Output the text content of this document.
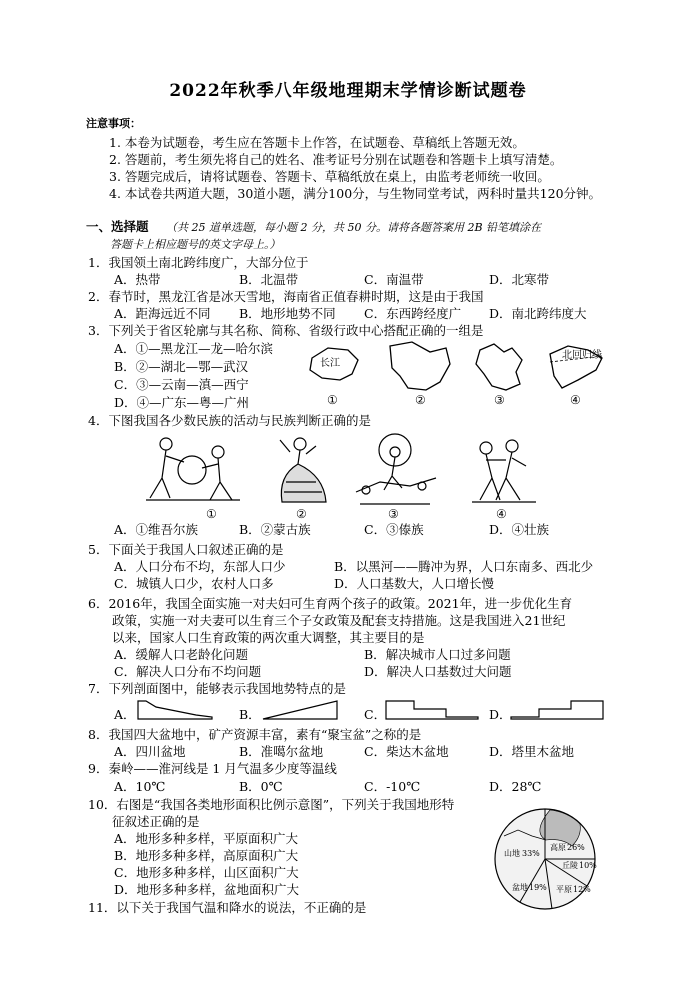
2022年秋季八年级地理期末学情诊断试题卷
注意事项：
1. 本卷为试题卷，考生应在答题卡上作答，在试题卷、草稿纸上答题无效。
2. 答题前，考生须先将自己的姓名、准考证号分别在试题卷和答题卡上填写清楚。
3. 答题完成后，请将试题卷、答题卡、草稿纸放在桌上，由监考老师统一收回。
4. 本试卷共两道大题，30道小题，满分100分，与生物同堂考试，两科时量共120分钟。
一、选择题 （共 25 道单选题，每小题 2 分，共 50 分。请将各题答案用 2B 铅笔填涂在
答题卡上相应题号的英文字母上。）
1．我国领土南北跨纬度广，大部分位于
A．热带	B．北温带	C．南温带	D．北寒带
2．春节时，黑龙江省是冰天雪地，海南省正值春耕时期，这是由于我国
A．距海远近不同 B．地形地势不同 C．东西跨经度广 D．南北跨纬度大
3．下列关于省区轮廓与其名称、简称、省级行政中心搭配正确的一组是
A．①—黑龙江—龙—哈尔滨
B．②—湖北—鄂—武汉
C．③—云南—滇—西宁
D．④—广东—粤—广州
长江
北回归线
①	②	③	④
4．下图我国各少数民族的活动与民族判断正确的是
①	②	③	④
A．①维吾尔族	B．②蒙古族	C．③傣族	D．④壮族
5．下面关于我国人口叙述正确的是
A．人口分布不均，东部人口少	B．以黑河——腾冲为界，人口东南多、西北少
C．城镇人口少，农村人口多	D．人口基数大，人口增长慢
6．2016年，我国全面实施一对夫妇可生育两个孩子的政策。2021年，进一步优化生育
政策，实施一对夫妻可以生育三个子女政策及配套支持措施。这是我国进入21世纪
以来，国家人口生育政策的两次重大调整，其主要目的是
A．缓解人口老龄化问题	B．解决城市人口过多问题
C．解决人口分布不均问题	D．解决人口基数过大问题
7．下列剖面图中，能够表示我国地势特点的是
A．	B．	C．	D．
8．我国四大盆地中，矿产资源丰富，素有“聚宝盆”之称的是
A．四川盆地	B．准噶尔盆地	C．柴达木盆地	D．塔里木盆地
9．秦岭——淮河线是 1 月气温多少度等温线
A．10℃	B．0℃	C．-10℃	D．28℃
10．右图是“我国各类地形面积比例示意图”，下列关于我国地形特
征叙述正确的是
A．地形多种多样，平原面积广大
B．地形多种多样，高原面积广大
C．地形多种多样，山区面积广大
D．地形多种多样，盆地面积广大
山地 33%
高原 26%
丘陵 10%
平原 12%
盆地 19%
11．以下关于我国气温和降水的说法，不正确的是
